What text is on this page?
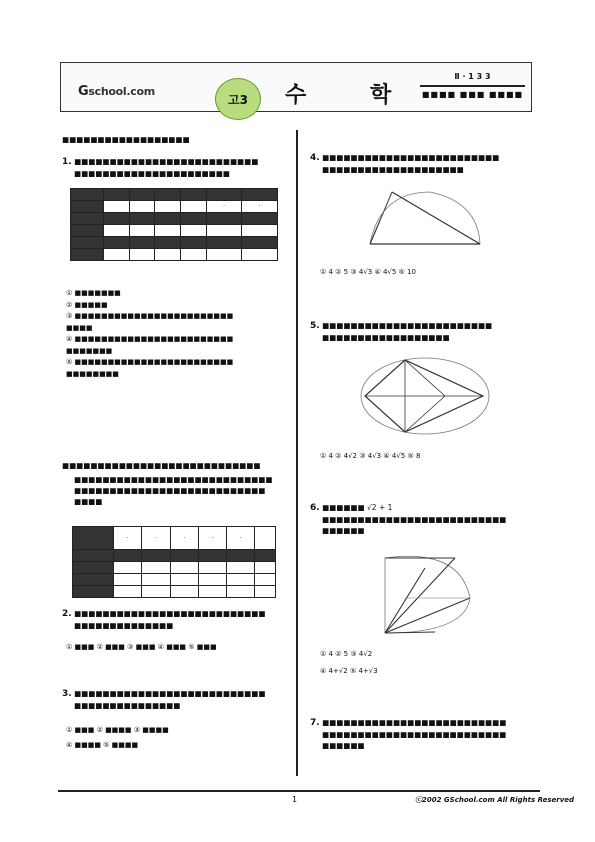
Gschool.com
고3	수	학
Ⅱ · 1 3 3
■■■■ ■■■ ■■■■
■■■■■■■■■■■■■■■■■■
1. ■■■■■■■■■■■■■■■■■■■■■■■■■■
■■■■■■■■■■■■■■■■■■■■■■

					·	·

① ■■■■■■■
② ■■■■■
③ ■■■■■■■■■■■■■■■■■■■■■■■■
■■■■
④ ■■■■■■■■■■■■■■■■■■■■■■■■
■■■■■■■
⑤ ■■■■■■■■■■■■■■■■■■■■■■■■
■■■■■■■■
■■■■■■■■■■■■■■■■■■■■■■■■■■■■
■■■■■■■■■■■■■■■■■■■■■■■■■■■■
■■■■■■■■■■■■■■■■■■■■■■■■■■■
■■■■
	·	·	·	·	·	

2. ■■■■■■■■■■■■■■■■■■■■■■■■■■■
■■■■■■■■■■■■■■
① ■■■ ② ■■■ ③ ■■■ ④ ■■■ ⑤ ■■■
3. ■■■■■■■■■■■■■■■■■■■■■■■■■■■
■■■■■■■■■■■■■■■
① ■■■ ② ■■■■ ③ ■■■■
④ ■■■■ ⑤ ■■■■
4. ■■■■■■■■■■■■■■■■■■■■■■■■■
■■■■■■■■■■■■■■■■■■■■
① 4 ② 5 ③ 4√3 ④ 4√5 ⑤ 10
5. ■■■■■■■■■■■■■■■■■■■■■■■■
■■■■■■■■■■■■■■■■■■
① 4 ② 4√2 ③ 4√3 ④ 4√5 ⑤ 8
6. ■■■■■■ √2 + 1
■■■■■■■■■■■■■■■■■■■■■■■■■■
■■■■■■
① 4 ② 5 ③ 4√2
④ 4+√2 ⑤ 4+√3
7. ■■■■■■■■■■■■■■■■■■■■■■■■■■
■■■■■■■■■■■■■■■■■■■■■■■■■■
■■■■■■
1	ⓒ2002 GSchool.com All Rights Reserved
